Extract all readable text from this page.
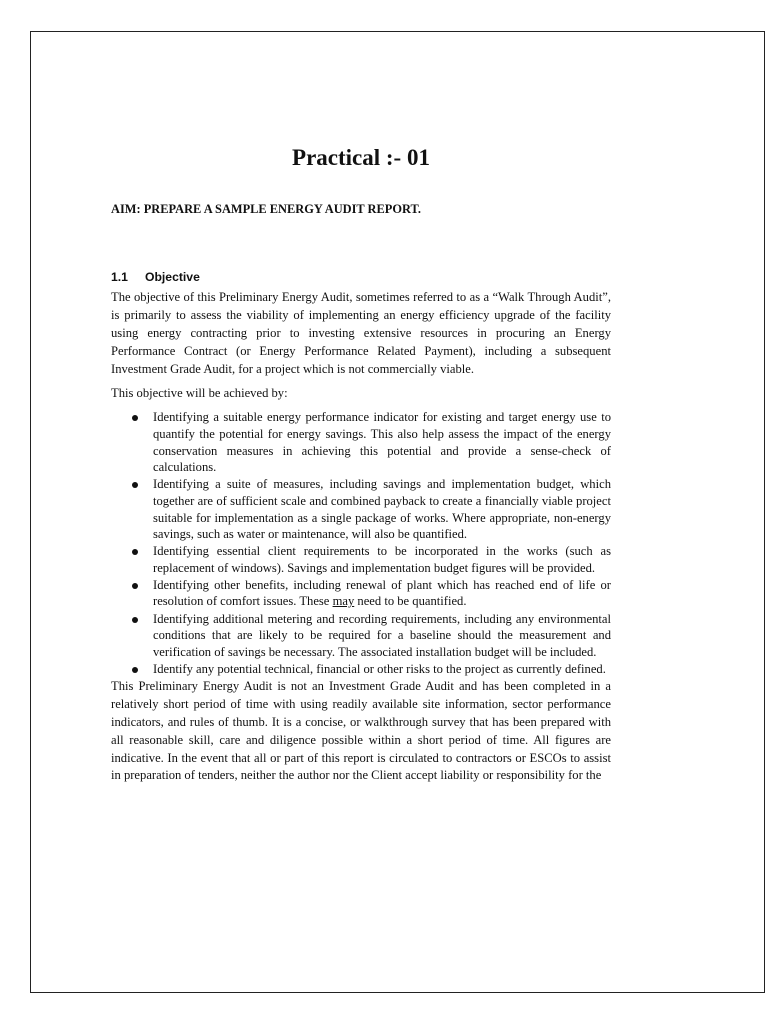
Practical :- 01
AIM: PREPARE A SAMPLE ENERGY AUDIT REPORT.
1.1	Objective

The objective of this Preliminary Energy Audit, sometimes referred to as a “Walk Through Audit”, is primarily to assess the viability of implementing an energy efficiency upgrade of the facility using energy contracting prior to investing extensive resources in procuring an Energy Performance Contract (or Energy Performance Related Payment), including a subsequent Investment Grade Audit, for a project which is not commercially viable.

This objective will be achieved by:

Identifying a suitable energy performance indicator for existing and target energy use to quantify the potential for energy savings. This also help assess the impact of the energy conservation measures in achieving this potential and provide a sense-check of calculations.
Identifying a suite of measures, including savings and implementation budget, which together are of sufficient scale and combined payback to create a financially viable project suitable for implementation as a single package of works. Where appropriate, non-energy savings, such as water or maintenance, will also be quantified.
Identifying essential client requirements to be incorporated in the works (such as replacement of windows). Savings and implementation budget figures will be provided.
Identifying other benefits, including renewal of plant which has reached end of life or resolution of comfort issues. These may need to be quantified.
Identifying additional metering and recording requirements, including any environmental conditions that are likely to be required for a baseline should the measurement and verification of savings be necessary. The associated installation budget will be included.
Identify any potential technical, financial or other risks to the project as currently defined.

This Preliminary Energy Audit is not an Investment Grade Audit and has been completed in a relatively short period of time with using readily available site information, sector performance indicators, and rules of thumb. It is a concise, or walkthrough survey that has been prepared with all reasonable skill, care and diligence possible within a short period of time. All figures are indicative. In the event that all or part of this report is circulated to contractors or ESCOs to assist in preparation of tenders, neither the author nor the Client accept liability or responsibility for the
